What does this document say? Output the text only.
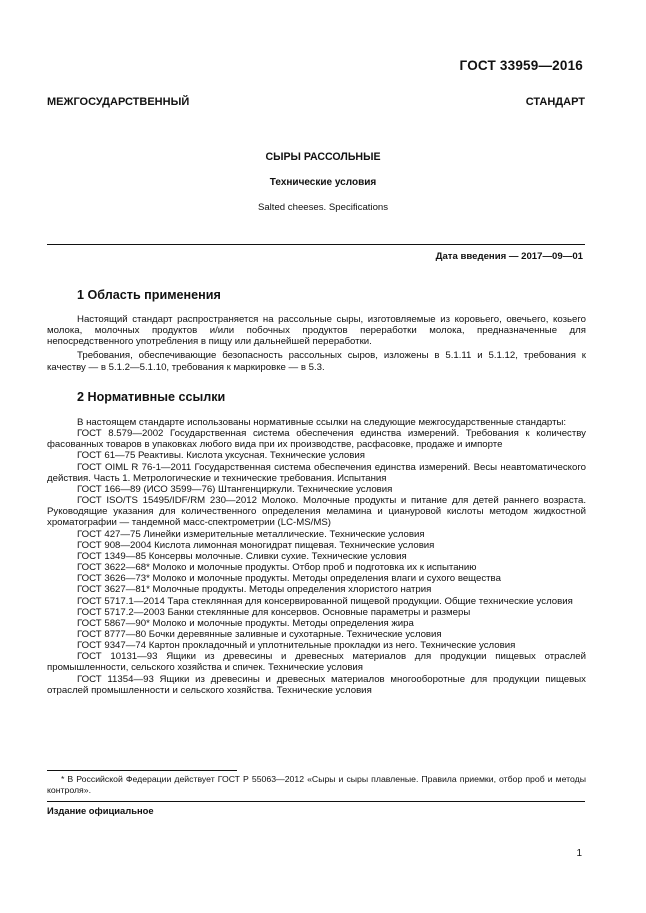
ГОСТ 33959—2016
МЕЖГОСУДАРСТВЕННЫЙ СТАНДАРТ
СЫРЫ РАССОЛЬНЫЕ
Технические условия
Salted cheeses. Specifications
Дата введения — 2017—09—01
1 Область применения

Настоящий стандарт распространяется на рассольные сыры, изготовляемые из коровьего, овечьего, козьего молока, молочных продуктов и/или побочных продуктов переработки молока, предназначенные для непосредственного употребления в пищу или дальнейшей переработки.

Требования, обеспечивающие безопасность рассольных сыров, изложены в 5.1.11 и 5.1.12, требования к качеству — в 5.1.2—5.1.10, требования к маркировке — в 5.3.

2 Нормативные ссылки

В настоящем стандарте использованы нормативные ссылки на следующие межгосударственные стандарты:

ГОСТ 8.579—2002 Государственная система обеспечения единства измерений. Требования к количеству фасованных товаров в упаковках любого вида при их производстве, расфасовке, продаже и импорте

ГОСТ 61—75 Реактивы. Кислота уксусная. Технические условия

ГОСТ OIML R 76-1—2011 Государственная система обеспечения единства измерений. Весы неавтоматического действия. Часть 1. Метрологические и технические требования. Испытания

ГОСТ 166—89 (ИСО 3599—76) Штангенциркули. Технические условия

ГОСТ ISO/TS 15495/IDF/RM 230—2012 Молоко. Молочные продукты и питание для детей раннего возраста. Руководящие указания для количественного определения меламина и циануровой кислоты методом жидкостной хроматографии — тандемной масс-спектрометрии (LC-MS/MS)

ГОСТ 427—75 Линейки измерительные металлические. Технические условия

ГОСТ 908—2004 Кислота лимонная моногидрат пищевая. Технические условия

ГОСТ 1349—85 Консервы молочные. Сливки сухие. Технические условия

ГОСТ 3622—68* Молоко и молочные продукты. Отбор проб и подготовка их к испытанию

ГОСТ 3626—73* Молоко и молочные продукты. Методы определения влаги и сухого вещества

ГОСТ 3627—81* Молочные продукты. Методы определения хлористого натрия

ГОСТ 5717.1—2014 Тара стеклянная для консервированной пищевой продукции. Общие технические условия

ГОСТ 5717.2—2003 Банки стеклянные для консервов. Основные параметры и размеры

ГОСТ 5867—90* Молоко и молочные продукты. Методы определения жира

ГОСТ 8777—80 Бочки деревянные заливные и сухотарные. Технические условия

ГОСТ 9347—74 Картон прокладочный и уплотнительные прокладки из него. Технические условия

ГОСТ 10131—93 Ящики из древесины и древесных материалов для продукции пищевых отраслей промышленности, сельского хозяйства и спичек. Технические условия

ГОСТ 11354—93 Ящики из древесины и древесных материалов многооборотные для продукции пищевых отраслей промышленности и сельского хозяйства. Технические условия

* В Российской Федерации действует ГОСТ Р 55063—2012 «Сыры и сыры плавленые. Правила приемки, отбор проб и методы контроля».

Издание официальное
1
